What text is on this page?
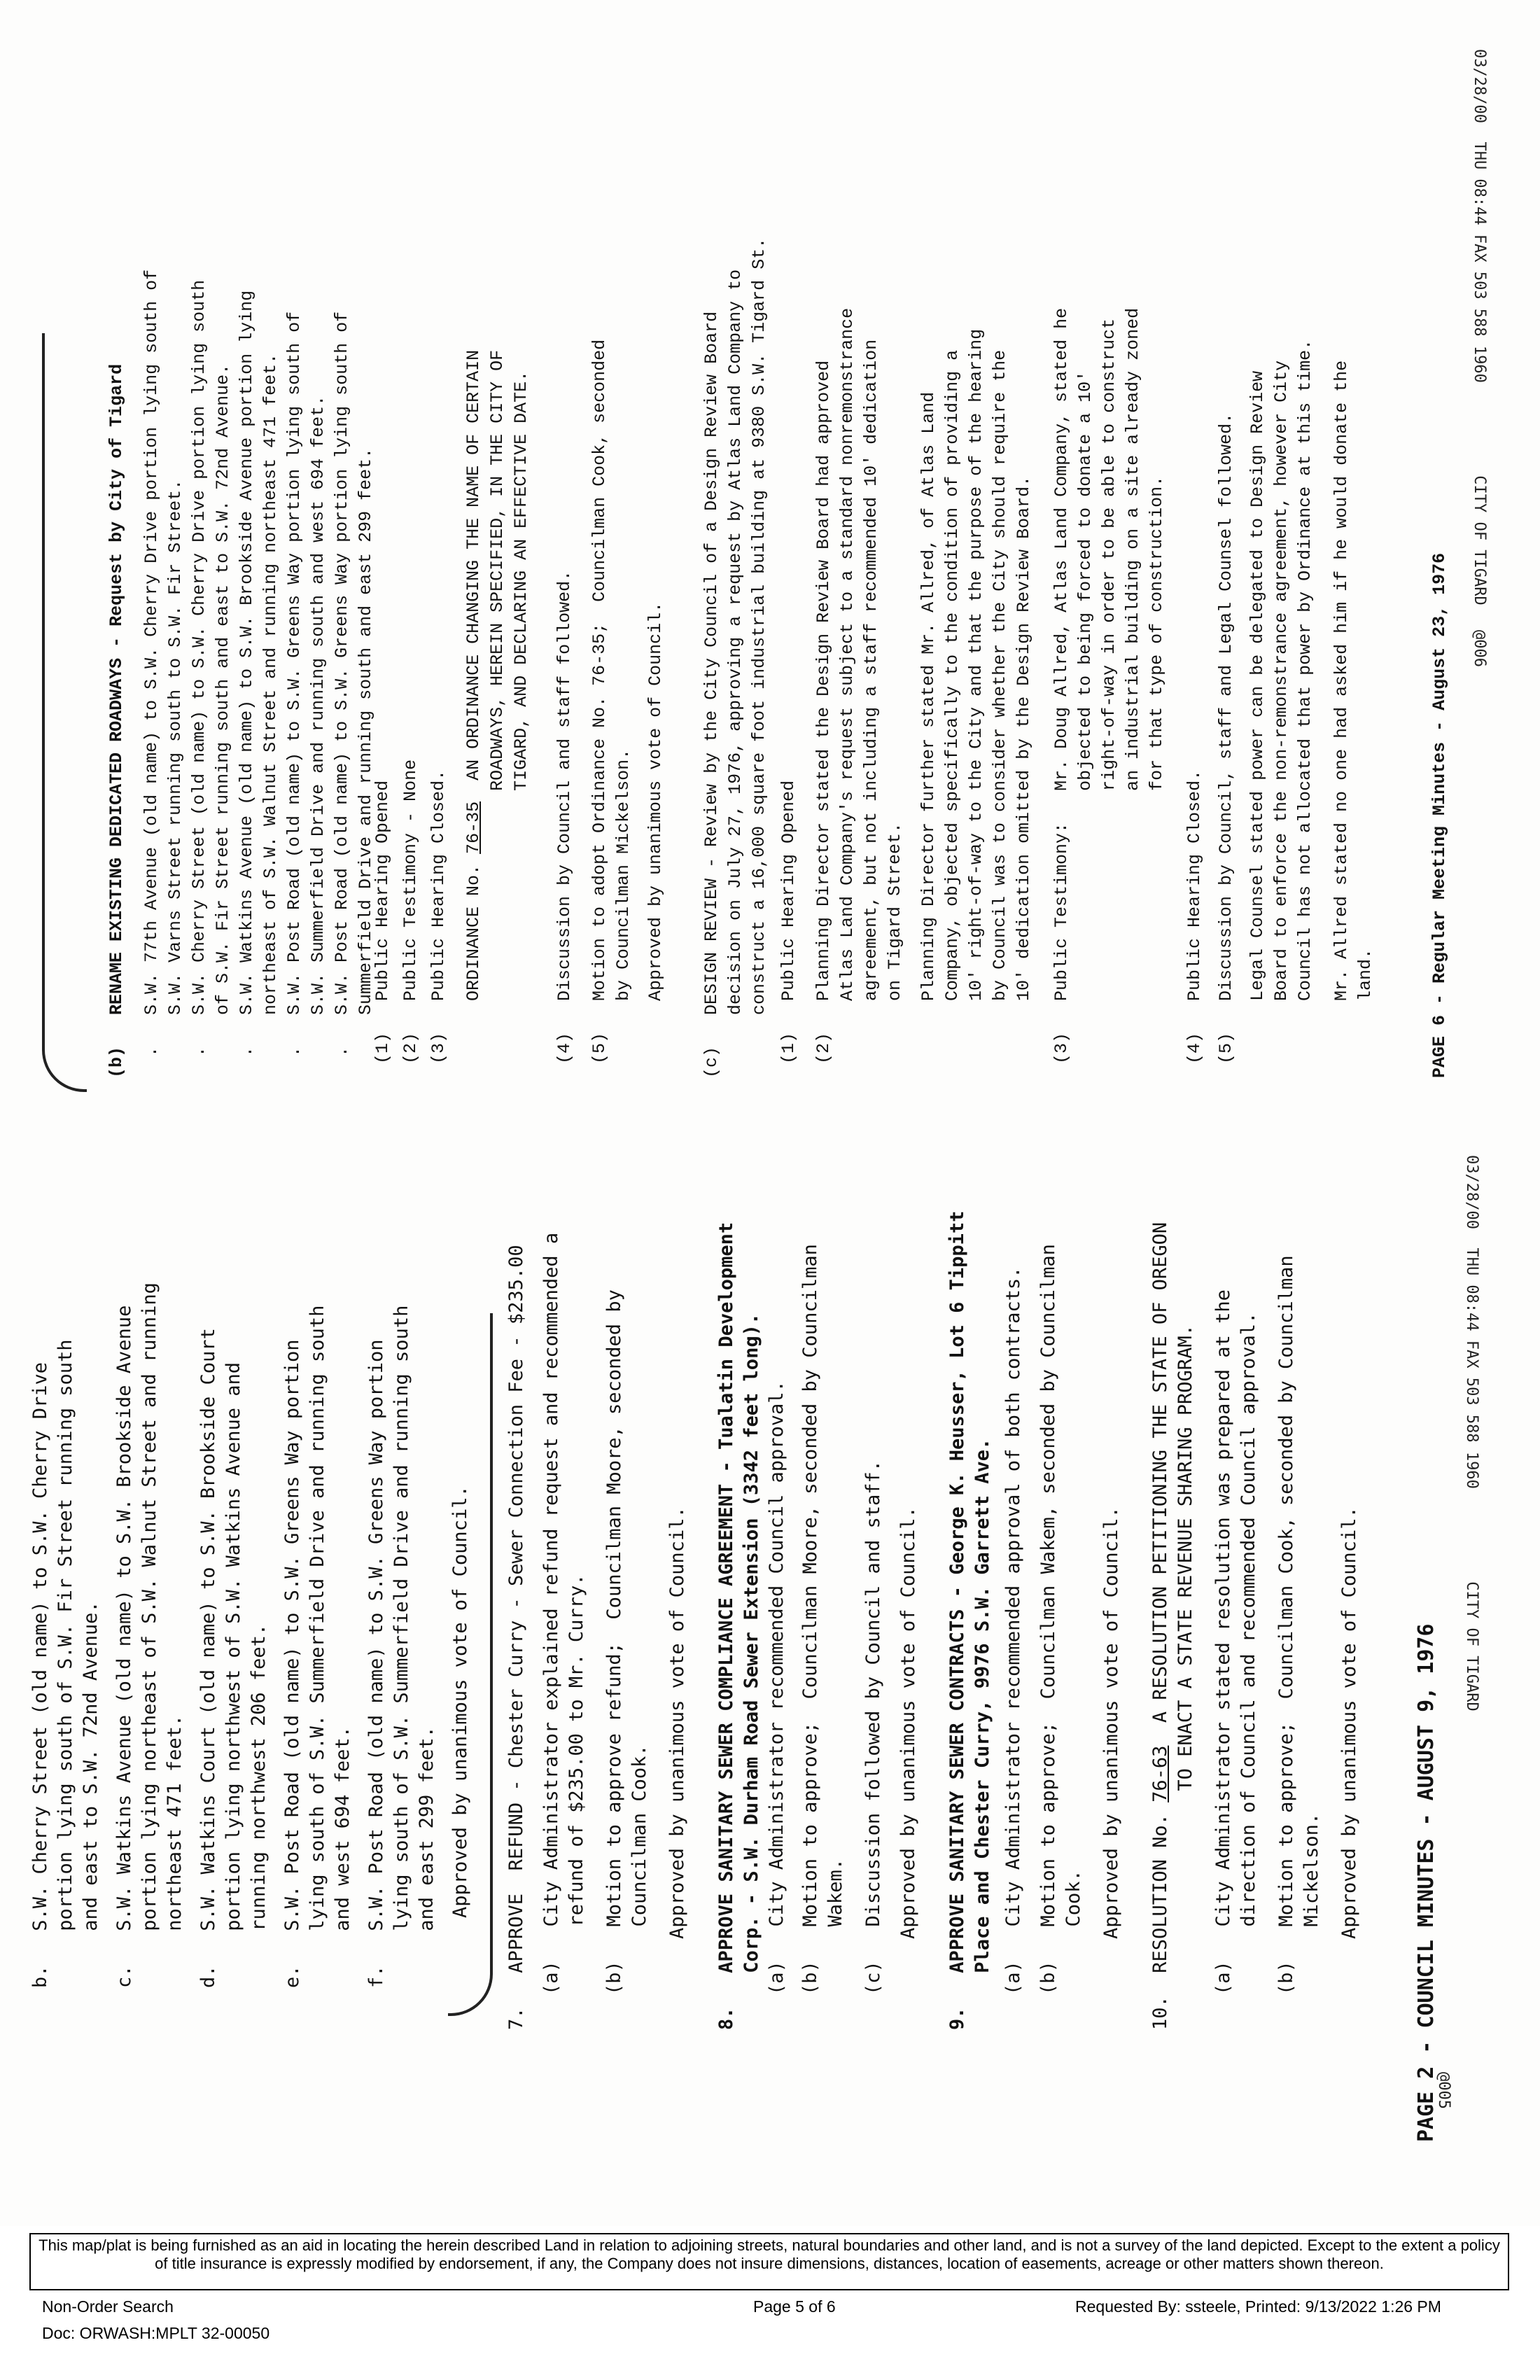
03/28/00  THU 08:44 FAX 503 588 1960          CITY OF TIGARD
b.   S.W. Cherry Street (old name) to S.W. Cherry Drive
portion lying south of S.W. Fir Street running south
and east to S.W. 72nd Avenue.
c.   S.W. Watkins Avenue (old name) to S.W. Brookside Avenue
portion lying northeast of S.W. Walnut Street and running
northeast 471 feet.
d.   S.W. Watkins Court (old name) to S.W. Brookside Court
portion lying northwest of S.W. Watkins Avenue and
running northwest 206 feet.
e.   S.W. Post Road (old name) to S.W. Greens Way portion
lying south of S.W. Summerfield Drive and running south
and west 694 feet.
f.   S.W. Post Road (old name) to S.W. Greens Way portion
lying south of S.W. Summerfield Drive and running south
and east 299 feet. Approved by unanimous vote of Council. 7.   APPROVE  REFUND - Chester Curry - Sewer Connection Fee - $235.00 (a)   City Administrator explained refund request and recommended a
refund of $235.00 to Mr. Curry.
(b)   Motion to approve refund;  Councilman Moore, seconded by
Councilman Cook. Approved by unanimous vote of Council.
8.   APPROVE SANITARY SEWER COMPLIANCE AGREEMENT - Tualatin Development
Corp. - S.W. Durham Road Sewer Extension (3342 feet long).
(a)   City Administrator recommended Council approval. (b)   Motion to approve;  Councilman Moore, seconded by Councilman
Wakem. (c)   Discussion followed by Council and staff. Approved by unanimous vote of Council.
9.   APPROVE SANITARY SEWER CONTRACTS - George K. Heusser, Lot 6 Tippitt
Place and Chester Curry, 9976 S.W. Garrett Ave. (a)   City Administrator recommended approval of both contracts. (b)   Motion to approve;  Councilman Wakem, seconded by Councilman
Cook. Approved by unanimous vote of Council. 10.  RESOLUTION No. 76-63  A RESOLUTION PETITIONING THE STATE OF OREGON
TO ENACT A STATE REVENUE SHARING PROGRAM.
(a)   City Administrator stated resolution was prepared at the
direction of Council and recommended Council approval.
(b)   Motion to approve;  Councilman Cook, seconded by Councilman
Mickelson. Approved by unanimous vote of Council.	PAGE 2 - COUNCIL MINUTES - AUGUST 9, 1976
@005
03/28/00  THU 08:44 FAX 503 588 1960          CITY OF TIGARD
@006
(b)   RENAME EXISTING DEDICATED ROADWAYS - Request by City of Tigard .   S.W. 77th Avenue (old name) to S.W. Cherry Drive portion lying south of
S.W. Varns Street running south to S.W. Fir Street.
.   S.W. Cherry Street (old name) to S.W. Cherry Drive portion lying south
of S.W. Fir Street running south and east to S.W. 72nd Avenue.
.   S.W. Watkins Avenue (old name) to S.W. Brookside Avenue portion lying
northeast of S.W. Walnut Street and running northeast 471 feet.
.   S.W. Post Road (old name) to S.W. Greens Way portion lying south of
S.W. Summerfield Drive and running south and west 694 feet.
.   S.W. Post Road (old name) to S.W. Greens Way portion lying south of
Summerfield Drive and running south and east 299 feet.
(1)   Public Hearing Opened (2)   Public Testimony - None (3)   Public Hearing Closed. ORDINANCE No. 76-35  AN ORDINANCE CHANGING THE NAME OF CERTAIN
ROADWAYS, HEREIN SPECIFIED, IN THE CITY OF
TIGARD, AND DECLARING AN EFFECTIVE DATE.
(4)   Discussion by Council and staff followed. (5)   Motion to adopt Ordinance No. 76-35;  Councilman Cook, seconded
by Councilman Mickelson. Approved by unanimous vote of Council. (c)   DESIGN REVIEW - Review by the City Council of a Design Review Board
decision on July 27, 1976, approving a request by Atlas Land Company to
construct a 16,000 square foot industrial building at 9380 S.W. Tigard St.
(1)   Public Hearing Opened (2)   Planning Director stated the Design Review Board had approved
Atlas Land Company's request subject to a standard nonremonstrance
agreement, but not including a staff recommended 10' dedication
on Tigard Street.
Planning Director further stated Mr. Allred, of Atlas Land
Company, objected specifically to the condition of providing a
10' right-of-way to the City and that the purpose of the hearing
by Council was to consider whether the City should require the
10' dedication omitted by the Design Review Board.
(3)   Public Testimony:   Mr. Doug Allred, Atlas Land Company, stated he
objected to being forced to donate a 10'
right-of-way in order to be able to construct
an industrial building on a site already zoned
for that type of construction.
(4)   Public Hearing Closed. (5)   Discussion by Council, staff and Legal Counsel followed. Legal Counsel stated power can be delegated to Design Review
Board to enforce the non-remonstrance agreement, however City
Council has not allocated that power by Ordinance at this time.
Mr. Allred stated no one had asked him if he would donate the
land.	PAGE 6 - Regular Meeting Minutes - August 23, 1976
This map/plat is being furnished as an aid in locating the herein described Land in relation to adjoining streets, natural boundaries and other land, and is not a survey of the land depicted. Except to the extent a policy of title insurance is expressly modified by endorsement, if any, the Company does not insure dimensions, distances, location of easements, acreage or other matters shown thereon.
Non-Order Search
Doc: ORWASH:MPLT 32-00050
Page 5 of 6	Requested By: ssteele, Printed: 9/13/2022 1:26 PM
